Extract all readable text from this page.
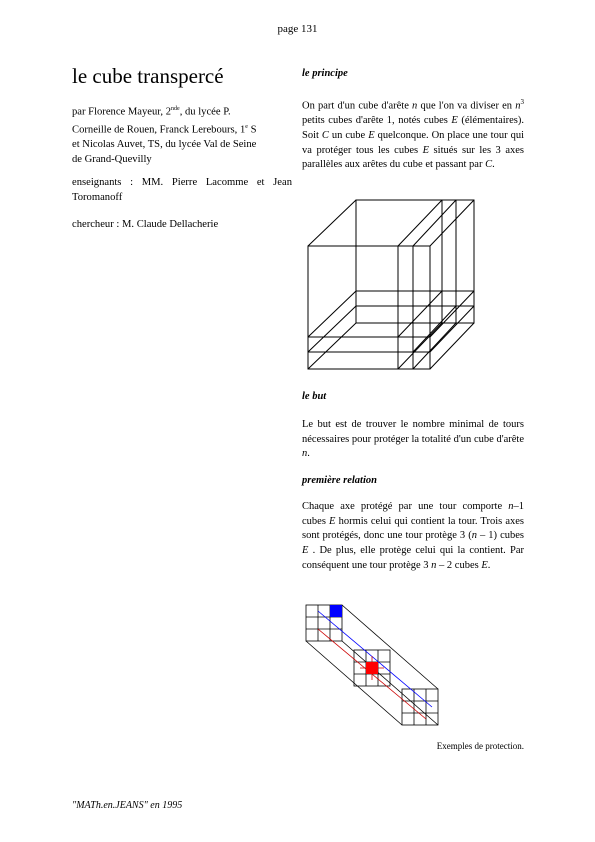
page 131
le cube transpercé
par Florence Mayeur, 2nde, du lycée P.
Corneille de Rouen, Franck Lerebours, 1e S
et Nicolas Auvet, TS, du lycée Val de Seine
de Grand-Quevilly
enseignants : MM. Pierre Lacomme et Jean Toromanoff
chercheur : M. Claude Dellacherie
le principe
On part d'un cube d'arête n que l'on va diviser en $n^3$ petits cubes d'arête 1, notés cubes E (élémentaires). Soit C un cube E quelconque. On place une tour qui va protéger tous les cubes E situés sur les 3 axes parallèles aux arêtes du cube et passant par C.
le but
Le but est de trouver le nombre minimal de tours nécessaires pour protéger la totalité d'un cube d'arête n.
première relation
Chaque axe protégé par une tour comporte n–1 cubes E hormis celui qui contient la tour. Trois axes sont protégés, donc une tour protège 3 (n – 1) cubes E . De plus, elle protège celui qui la contient. Par conséquent une tour protège 3 n – 2 cubes E.
Exemples de protection.
"MATh.en.JEANS" en 1995
